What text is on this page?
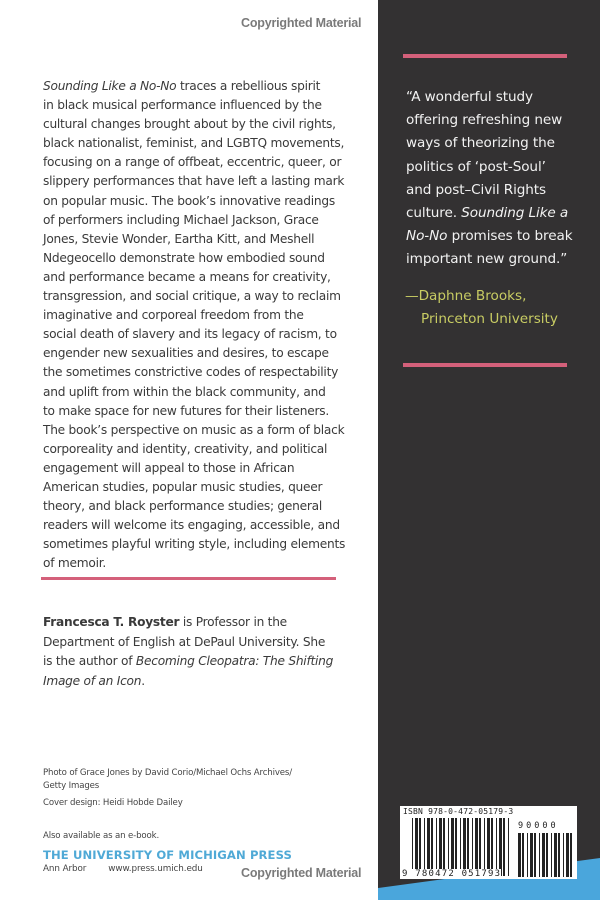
Copyrighted Material
Sounding Like a No-No traces a rebellious spirit
in black musical performance influenced by the
cultural changes brought about by the civil rights,
black nationalist, feminist, and LGBTQ movements,
focusing on a range of offbeat, eccentric, queer, or
slippery performances that have left a lasting mark
on popular music. The book’s innovative readings
of performers including Michael Jackson, Grace
Jones, Stevie Wonder, Eartha Kitt, and Meshell
Ndegeocello demonstrate how embodied sound
and performance became a means for creativity,
transgression, and social critique, a way to reclaim
imaginative and corporeal freedom from the
social death of slavery and its legacy of racism, to
engender new sexualities and desires, to escape
the sometimes constrictive codes of respectability
and uplift from within the black community, and
to make space for new futures for their listeners.
The book’s perspective on music as a form of black
corporeality and identity, creativity, and political
engagement will appeal to those in African
American studies, popular music studies, queer
theory, and black performance studies; general
readers will welcome its engaging, accessible, and
sometimes playful writing style, including elements
of memoir.
Francesca T. Royster is Professor in the
Department of English at DePaul University. She
is the author of Becoming Cleopatra: The Shifting
Image of an Icon.
Photo of Grace Jones by David Corio/Michael Ochs Archives/
Getty Images
Cover design: Heidi Hobde Dailey
Also available as an e-book.
THE UNIVERSITY OF MICHIGAN PRESS
Ann Arbor	www.press.umich.edu
“A wonderful study
offering refreshing new
ways of theorizing the
politics of ‘post-Soul’
and post–Civil Rights
culture. Sounding Like a
No-No promises to break
important new ground.”
—Daphne Brooks,
Princeton University
ISBN 978-0-472-05179-3
90000
9 780472 051793
Copyrighted Material
